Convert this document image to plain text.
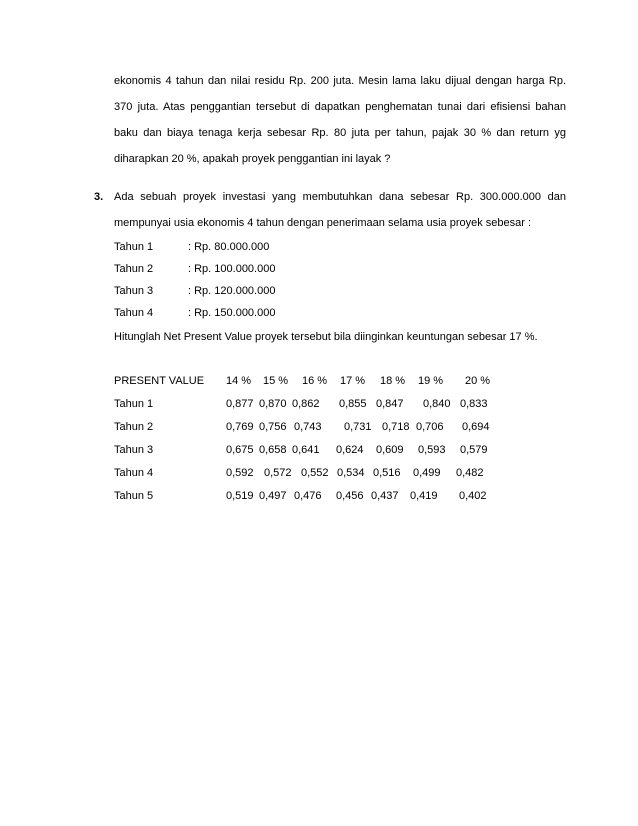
ekonomis 4 tahun dan nilai residu Rp. 200 juta. Mesin lama laku dijual dengan harga Rp.
370 juta. Atas penggantian tersebut di dapatkan penghematan tunai dari efisiensi bahan
baku dan biaya tenaga kerja sebesar Rp. 80 juta per tahun, pajak 30 % dan return yg
diharapkan 20 %, apakah proyek penggantian ini layak ?
3. Ada sebuah proyek investasi yang membutuhkan dana sebesar Rp. 300.000.000 dan
mempunyai usia ekonomis 4 tahun dengan penerimaan selama usia proyek sebesar :
Tahun 1	: Rp. 80.000.000
Tahun 2	: Rp. 100.000.000
Tahun 3	: Rp. 120.000.000
Tahun 4	: Rp. 150.000.000
Hitunglah Net Present Value proyek tersebut bila diinginkan keuntungan sebesar 17 %.
PRESENT VALUE 14 % 15 % 16 % 17 % 18 % 19 % 20 %
Tahun 1	0,877 0,870 0,862 0,855 0,847 0,840 0,833
Tahun 2	0,769 0,756 0,743 0,731 0,718 0,706 0,694
Tahun 3	0,675 0,658 0,641 0,624 0,609 0,593 0,579
Tahun 4	0,592 0,572 0,552 0,534 0,516 0,499 0,482
Tahun 5	0,519 0,497 0,476 0,456 0,437 0,419 0,402
